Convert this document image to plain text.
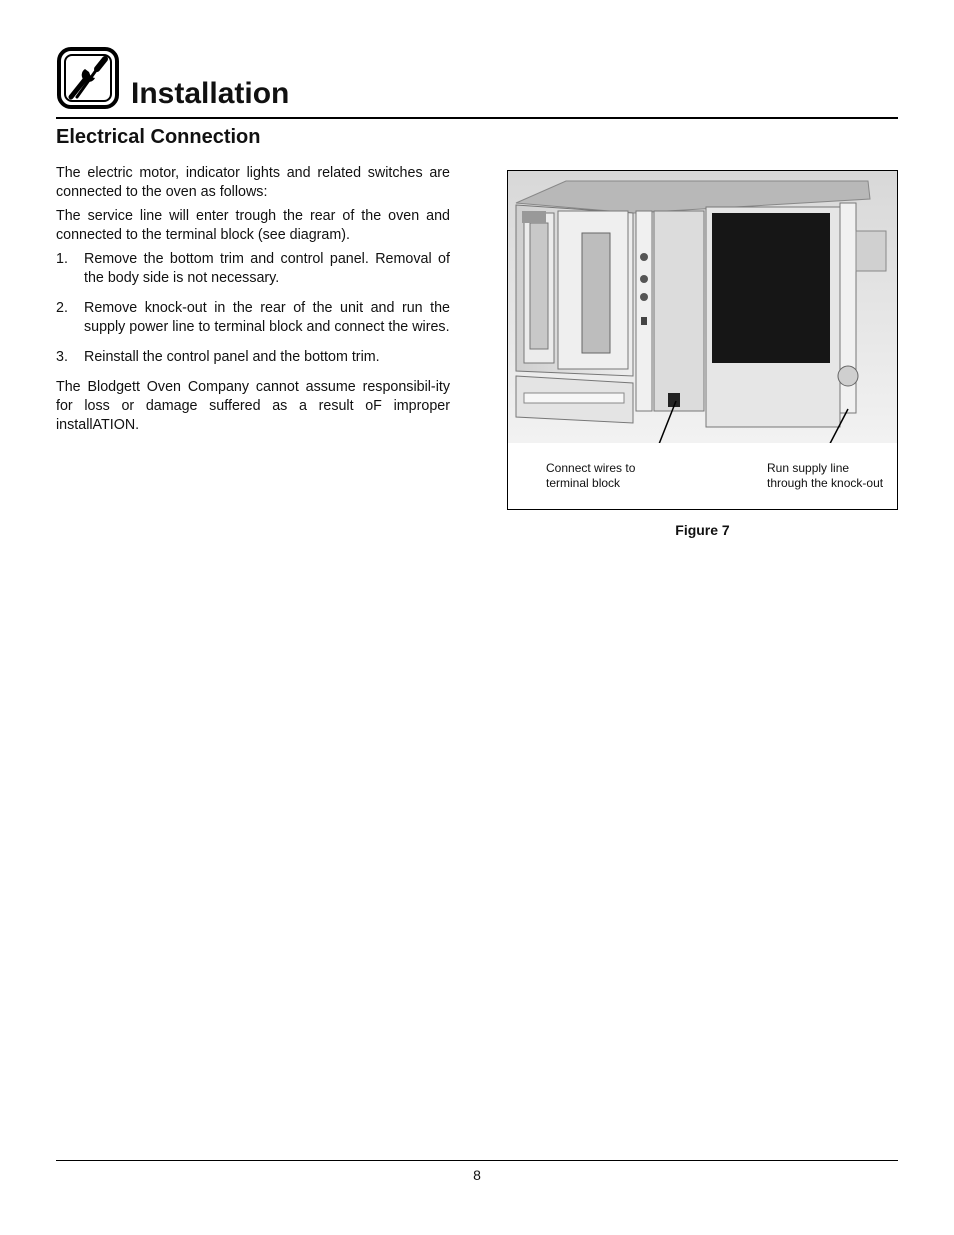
Installation
Electrical Connection

The electric motor, indicator lights and related switches are connected to the oven as follows:

The service line will enter trough the rear of the oven and connected to the terminal block (see diagram).

1. Remove the bottom trim and control panel. Removal of the body side is not necessary.
2. Remove knock-out in the rear of the unit and run the supply power line to terminal block and connect the wires.
3. Reinstall the control panel and the bottom trim.

The Blodgett Oven Company cannot assume responsibil-ity for loss or damage suffered as a result oF improper installATION.

Connect wires to
terminal block
Run supply line
through the knock-out
Figure 7
8
